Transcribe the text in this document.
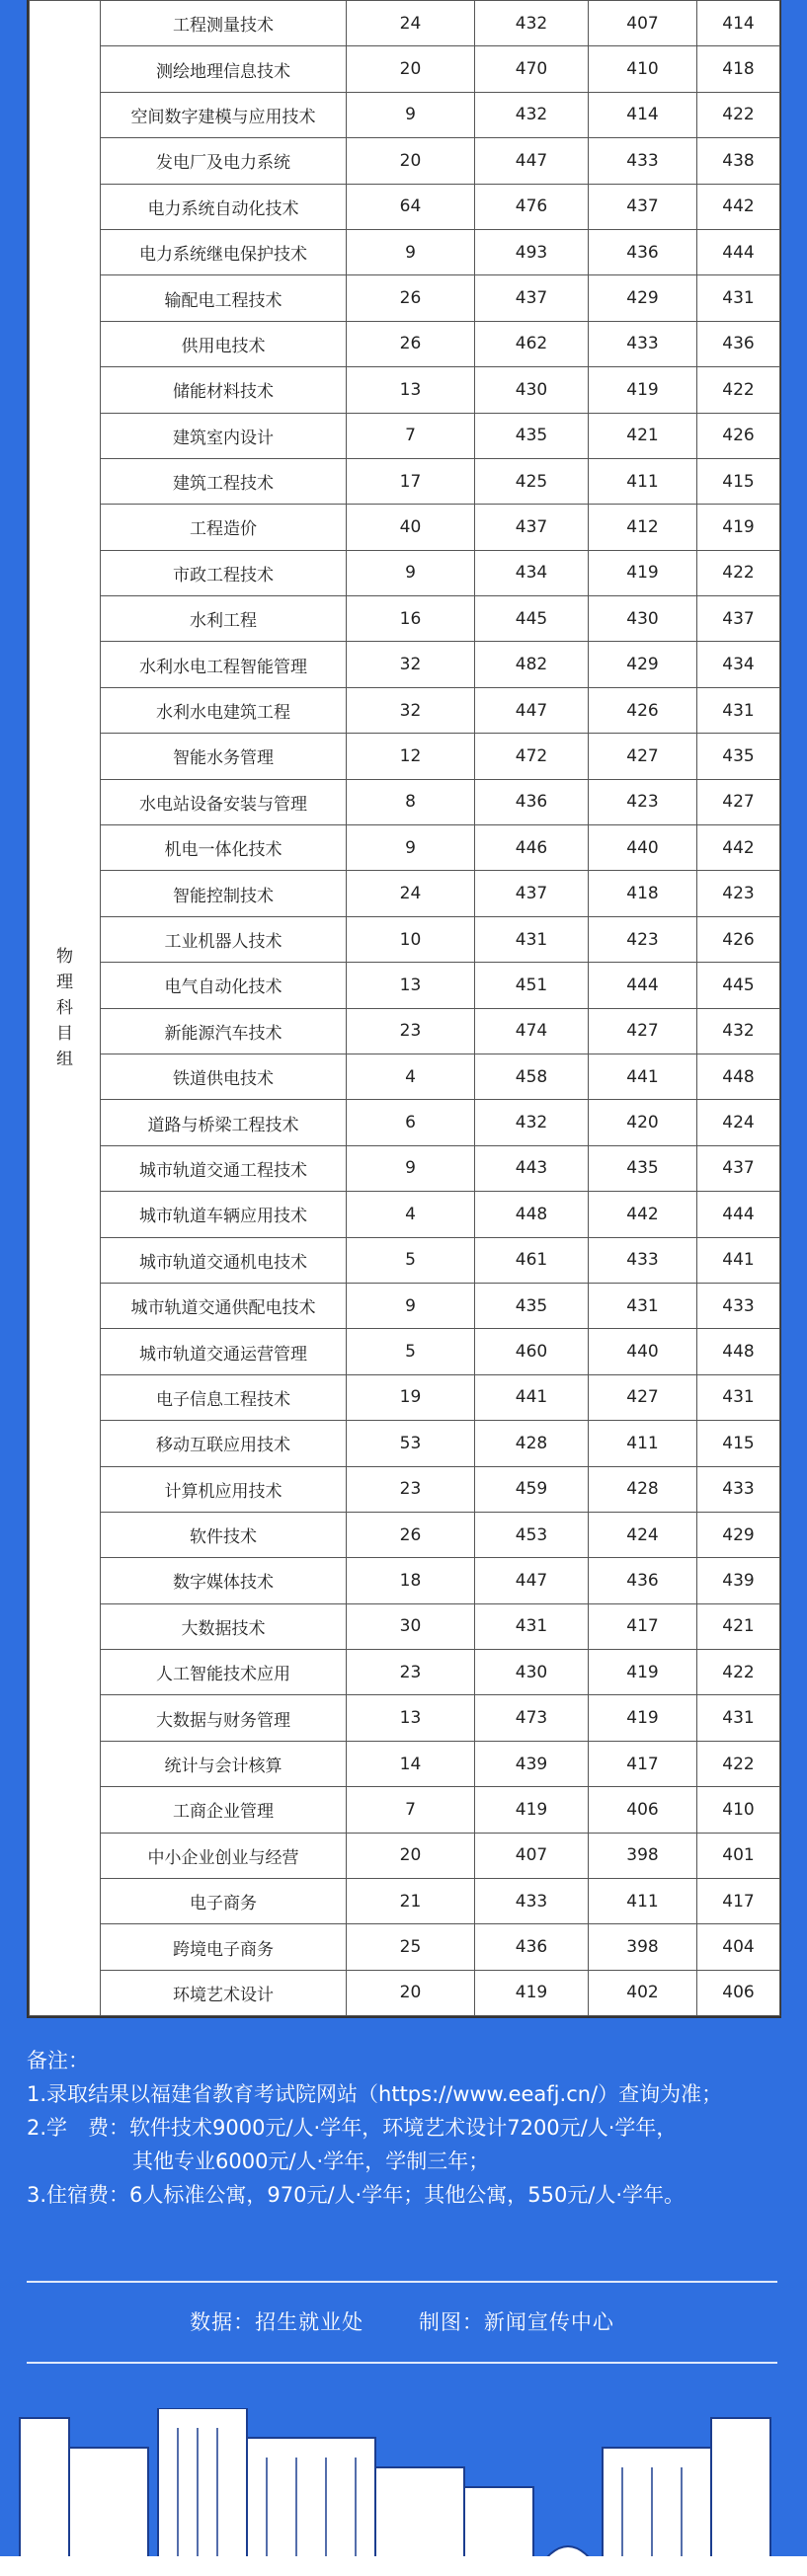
物理科目组	工程测量技术	24	432	407	414
	测绘地理信息技术	20	470	410	418
	空间数字建模与应用技术	9	432	414	422
	发电厂及电力系统	20	447	433	438
	电力系统自动化技术	64	476	437	442
	电力系统继电保护技术	9	493	436	444
	输配电工程技术	26	437	429	431
	供用电技术	26	462	433	436
	储能材料技术	13	430	419	422
	建筑室内设计	7	435	421	426
	建筑工程技术	17	425	411	415
	工程造价	40	437	412	419
	市政工程技术	9	434	419	422
	水利工程	16	445	430	437
	水利水电工程智能管理	32	482	429	434
	水利水电建筑工程	32	447	426	431
	智能水务管理	12	472	427	435
	水电站设备安装与管理	8	436	423	427
	机电一体化技术	9	446	440	442
	智能控制技术	24	437	418	423
	工业机器人技术	10	431	423	426
	电气自动化技术	13	451	444	445
	新能源汽车技术	23	474	427	432
	铁道供电技术	4	458	441	448
	道路与桥梁工程技术	6	432	420	424
	城市轨道交通工程技术	9	443	435	437
	城市轨道车辆应用技术	4	448	442	444
	城市轨道交通机电技术	5	461	433	441
	城市轨道交通供配电技术	9	435	431	433
	城市轨道交通运营管理	5	460	440	448
	电子信息工程技术	19	441	427	431
	移动互联应用技术	53	428	411	415
	计算机应用技术	23	459	428	433
	软件技术	26	453	424	429
	数字媒体技术	18	447	436	439
	大数据技术	30	431	417	421
	人工智能技术应用	23	430	419	422
	大数据与财务管理	13	473	419	431
	统计与会计核算	14	439	417	422
	工商企业管理	7	419	406	410
	中小企业创业与经营	20	407	398	401
	电子商务	21	433	411	417
	跨境电子商务	25	436	398	404
	环境艺术设计	20	419	402	406
备注：
1.录取结果以福建省教育考试院网站（https://www.eeafj.cn/）查询为准；
2.学　费：软件技术9000元/人·学年，环境艺术设计7200元/人·学年，
其他专业6000元/人·学年，学制三年；
3.住宿费：6人标准公寓，970元/人·学年；其他公寓，550元/人·学年。
数据：招生就业处	制图：新闻宣传中心
